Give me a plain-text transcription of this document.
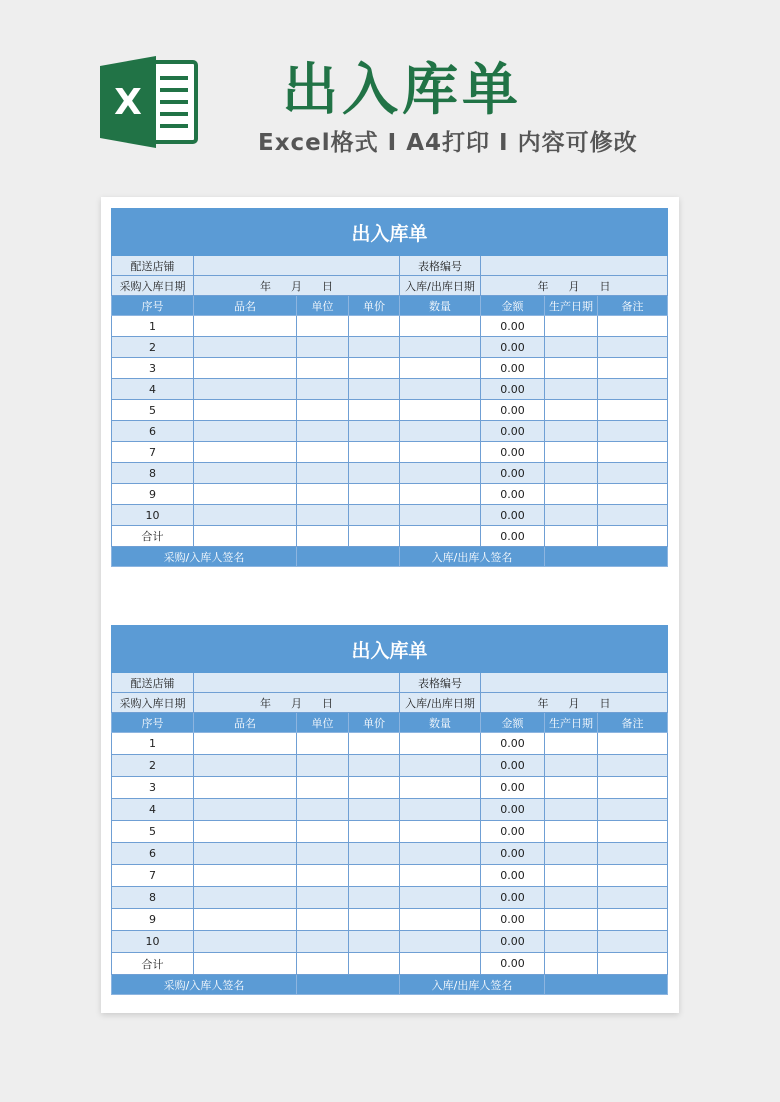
X	出入库单
Excel格式 I A4打印 I 内容可修改
出入库单							
配送店铺				表格编号			
采购入库日期	年 月 日			入库/出库日期	年 月 日		
序号	品名	单位	单价	数量	金额	生产日期	备注
1					0.00		
2					0.00		
3					0.00		
4					0.00		
5					0.00		
6					0.00		
7					0.00		
8					0.00		
9					0.00		
10					0.00		
合计					0.00		
采购/入库人签名				入库/出库人签名			
出入库单							
配送店铺				表格编号			
采购入库日期	年 月 日			入库/出库日期	年 月 日		
序号	品名	单位	单价	数量	金额	生产日期	备注
1					0.00		
2					0.00		
3					0.00		
4					0.00		
5					0.00		
6					0.00		
7					0.00		
8					0.00		
9					0.00		
10					0.00		
合计					0.00		
采购/入库人签名				入库/出库人签名			
